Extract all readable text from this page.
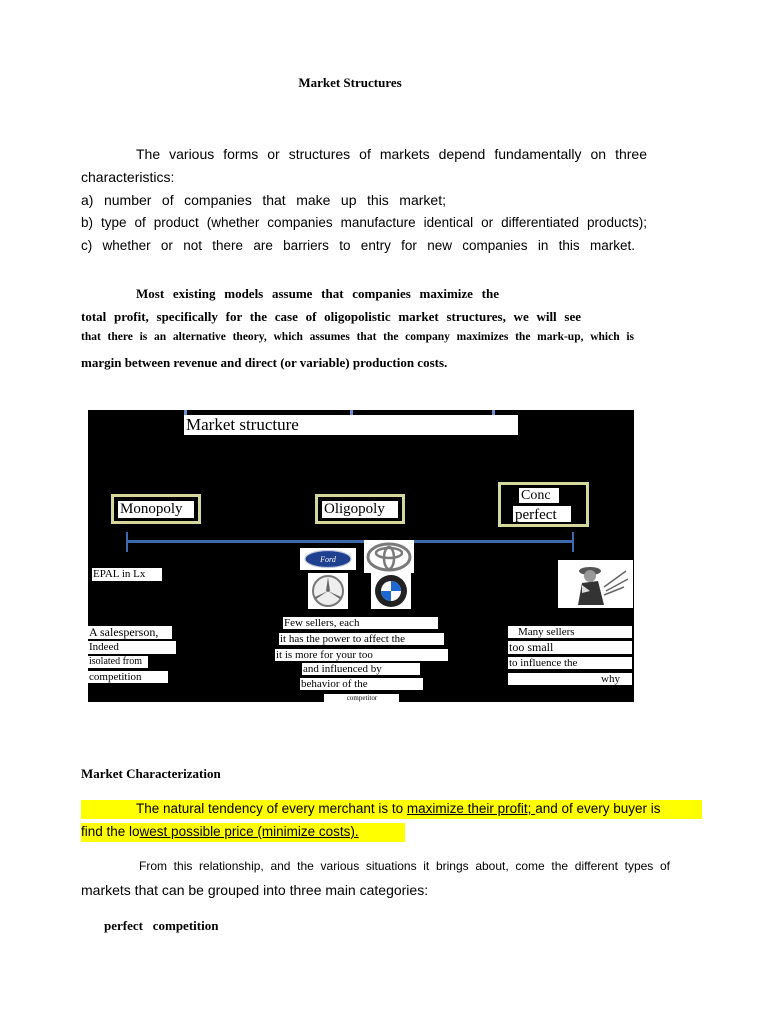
Market Structures
The various forms or structures of markets depend fundamentally on three
characteristics:
a) number of companies that make up this market;
b) type of product (whether companies manufacture identical or differentiated products);
c) whether or not there are barriers to entry for new companies in this market.
Most existing models assume that companies maximize the
total profit, specifically for the case of oligopolistic market structures, we will see
that there is an alternative theory, which assumes that the company maximizes the mark-up, which is
margin between revenue and direct (or variable) production costs.
Market structure
Monopoly	Oligopoly
Conc
perfect
EPAL in Lx
Ford
A salesperson,
Indeed
isolated from
competition
Few sellers, each
it has the power to affect the
it is more for your too
and influenced by
behavior of the
competitor
Many sellers
too small
to influence the
why
Market Characterization
The natural tendency of every merchant is to maximize their profit; and of every buyer is
find the lowest possible price (minimize costs).
From this relationship, and the various situations it brings about, come the different types of
markets that can be grouped into three main categories:
perfect   competition
